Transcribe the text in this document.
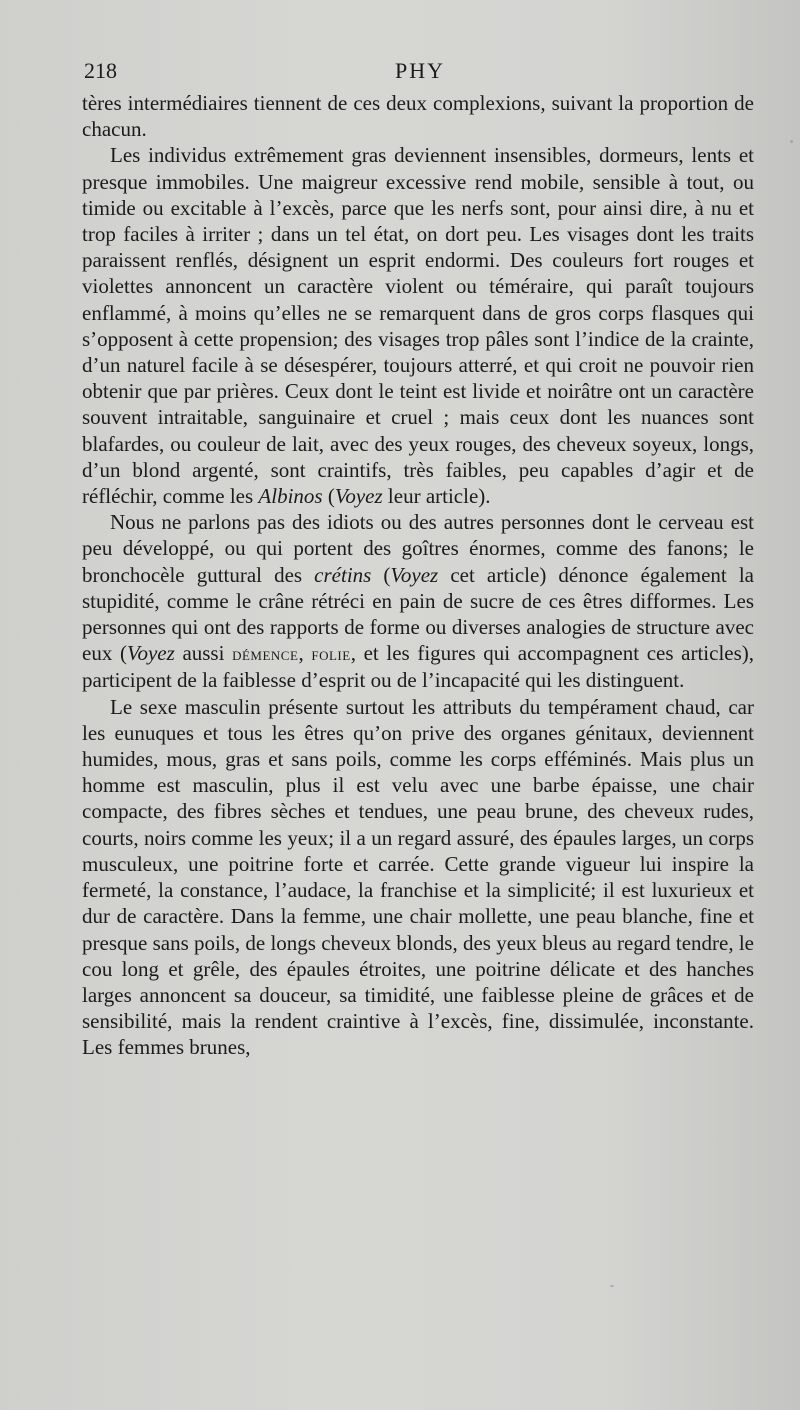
218	PHY

tères intermédiaires tiennent de ces deux complexions, suivant la proportion de chacun.

Les individus extrêmement gras deviennent insensibles, dormeurs, lents et presque immobiles. Une maigreur excessive rend mobile, sensible à tout, ou timide ou excitable à l’excès, parce que les nerfs sont, pour ainsi dire, à nu et trop faciles à irriter ; dans un tel état, on dort peu. Les visages dont les traits paraissent renflés, désignent un esprit endormi. Des couleurs fort rouges et violettes annoncent un caractère violent ou téméraire, qui paraît toujours enflammé, à moins qu’elles ne se remarquent dans de gros corps flasques qui s’opposent à cette propension; des visages trop pâles sont l’indice de la crainte, d’un naturel facile à se désespérer, toujours atterré, et qui croit ne pouvoir rien obtenir que par prières. Ceux dont le teint est livide et noirâtre ont un caractère souvent intraitable, sanguinaire et cruel ; mais ceux dont les nuances sont blafardes, ou couleur de lait, avec des yeux rouges, des cheveux soyeux, longs, d’un blond argenté, sont craintifs, très faibles, peu capables d’agir et de réfléchir, comme les Albinos (Voyez leur article).

Nous ne parlons pas des idiots ou des autres personnes dont le cerveau est peu développé, ou qui portent des goîtres énormes, comme des fanons; le bronchocèle guttural des crétins (Voyez cet article) dénonce également la stupidité, comme le crâne rétréci en pain de sucre de ces êtres difformes. Les personnes qui ont des rapports de forme ou diverses analogies de structure avec eux (Voyez aussi démence, folie, et les figures qui accompagnent ces articles), participent de la faiblesse d’esprit ou de l’incapacité qui les distinguent.

Le sexe masculin présente surtout les attributs du tempérament chaud, car les eunuques et tous les êtres qu’on prive des organes génitaux, deviennent humides, mous, gras et sans poils, comme les corps efféminés. Mais plus un homme est masculin, plus il est velu avec une barbe épaisse, une chair compacte, des fibres sèches et tendues, une peau brune, des cheveux rudes, courts, noirs comme les yeux; il a un regard assuré, des épaules larges, un corps musculeux, une poitrine forte et carrée. Cette grande vigueur lui inspire la fermeté, la constance, l’audace, la franchise et la simplicité; il est luxurieux et dur de caractère. Dans la femme, une chair mollette, une peau blanche, fine et presque sans poils, de longs cheveux blonds, des yeux bleus au regard tendre, le cou long et grêle, des épaules étroites, une poitrine délicate et des hanches larges annoncent sa douceur, sa timidité, une faiblesse pleine de grâces et de sensibilité, mais la rendent craintive à l’excès, fine, dissimulée, inconstante. Les femmes brunes,
